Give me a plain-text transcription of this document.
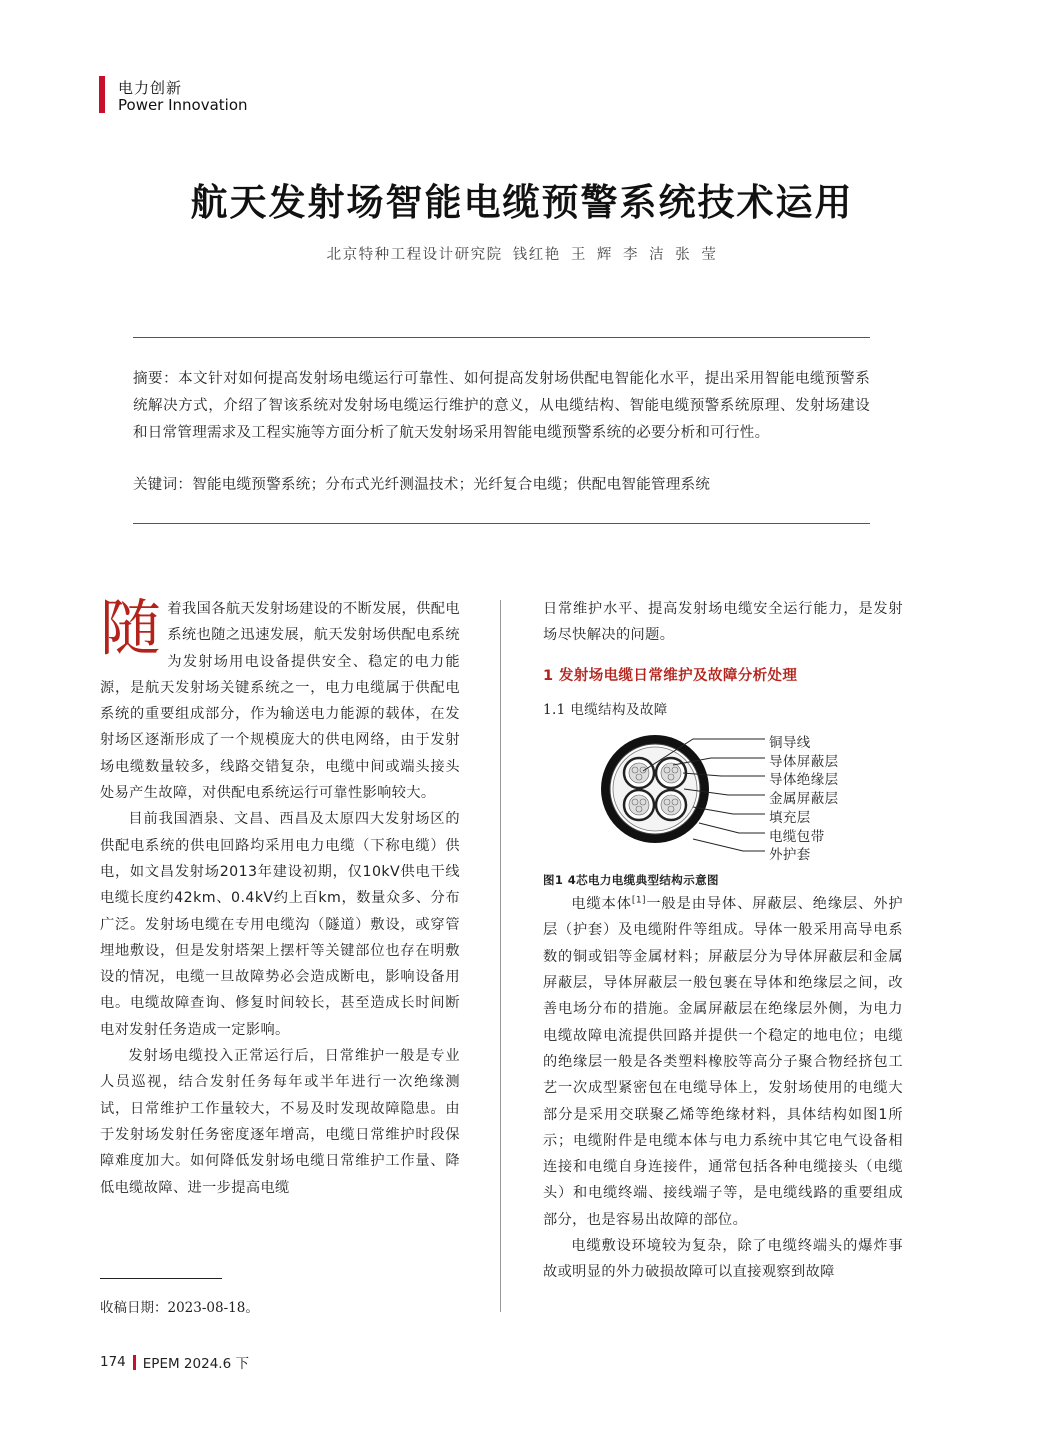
电力创新
Power Innovation
航天发射场智能电缆预警系统技术运用
北京特种工程设计研究院 钱红艳 王 辉 李 洁 张 莹
摘要：本文针对如何提高发射场电缆运行可靠性、如何提高发射场供配电智能化水平，提出采用智能电缆预警系统解决方式，介绍了智该系统对发射场电缆运行维护的意义，从电缆结构、智能电缆预警系统原理、发射场建设和日常管理需求及工程实施等方面分析了航天发射场采用智能电缆预警系统的必要分析和可行性。
关键词：智能电缆预警系统；分布式光纤测温技术；光纤复合电缆；供配电智能管理系统
随 着我国各航天发射场建设的不断发展，供配电系统也随之迅速发展，航天发射场供配电系统为发射场用电设备提供安全、稳定的电力能源，是航天发射场关键系统之一，电力电缆属于供配电系统的重要组成部分，作为输送电力能源的载体，在发射场区逐渐形成了一个规模庞大的供电网络，由于发射场电缆数量较多，线路交错复杂，电缆中间或端头接头处易产生故障，对供配电系统运行可靠性影响较大。

目前我国酒泉、文昌、西昌及太原四大发射场区的供配电系统的供电回路均采用电力电缆（下称电缆）供电，如文昌发射场2013年建设初期，仅10kV供电干线电缆长度约42km、0.4kV约上百km，数量众多、分布广泛。发射场电缆在专用电缆沟（隧道）敷设，或穿管埋地敷设，但是发射塔架上摆杆等关键部位也存在明敷设的情况，电缆一旦故障势必会造成断电，影响设备用电。电缆故障查询、修复时间较长，甚至造成长时间断电对发射任务造成一定影响。

发射场电缆投入正常运行后，日常维护一般是专业人员巡视，结合发射任务每年或半年进行一次绝缘测试，日常维护工作量较大，不易及时发现故障隐患。由于发射场发射任务密度逐年增高，电缆日常维护时段保障难度加大。如何降低发射场电缆日常维护工作量、降低电缆故障、进一步提高电缆

日常维护水平、提高发射场电缆安全运行能力，是发射场尽快解决的问题。

1 发射场电缆日常维护及故障分析处理

1.1 电缆结构及故障

铜导线
导体屏蔽层
导体绝缘层
金属屏蔽层
填充层
电缆包带
外护套

图1 4芯电力电缆典型结构示意图

电缆本体[1]一般是由导体、屏蔽层、绝缘层、外护层（护套）及电缆附件等组成。导体一般采用高导电系数的铜或铝等金属材料；屏蔽层分为导体屏蔽层和金属屏蔽层，导体屏蔽层一般包裹在导体和绝缘层之间，改善电场分布的措施。金属屏蔽层在绝缘层外侧，为电力电缆故障电流提供回路并提供一个稳定的地电位；电缆的绝缘层一般是各类塑料橡胶等高分子聚合物经挤包工艺一次成型紧密包在电缆导体上，发射场使用的电缆大部分是采用交联聚乙烯等绝缘材料，具体结构如图1所示；电缆附件是电缆本体与电力系统中其它电气设备相连接和电缆自身连接件，通常包括各种电缆接头（电缆头）和电缆终端、接线端子等，是电缆线路的重要组成部分，也是容易出故障的部位。

电缆敷设环境较为复杂，除了电缆终端头的爆炸事故或明显的外力破损故障可以直接观察到故障

收稿日期：2023-08-18。
174 EPEM 2024.6 下
